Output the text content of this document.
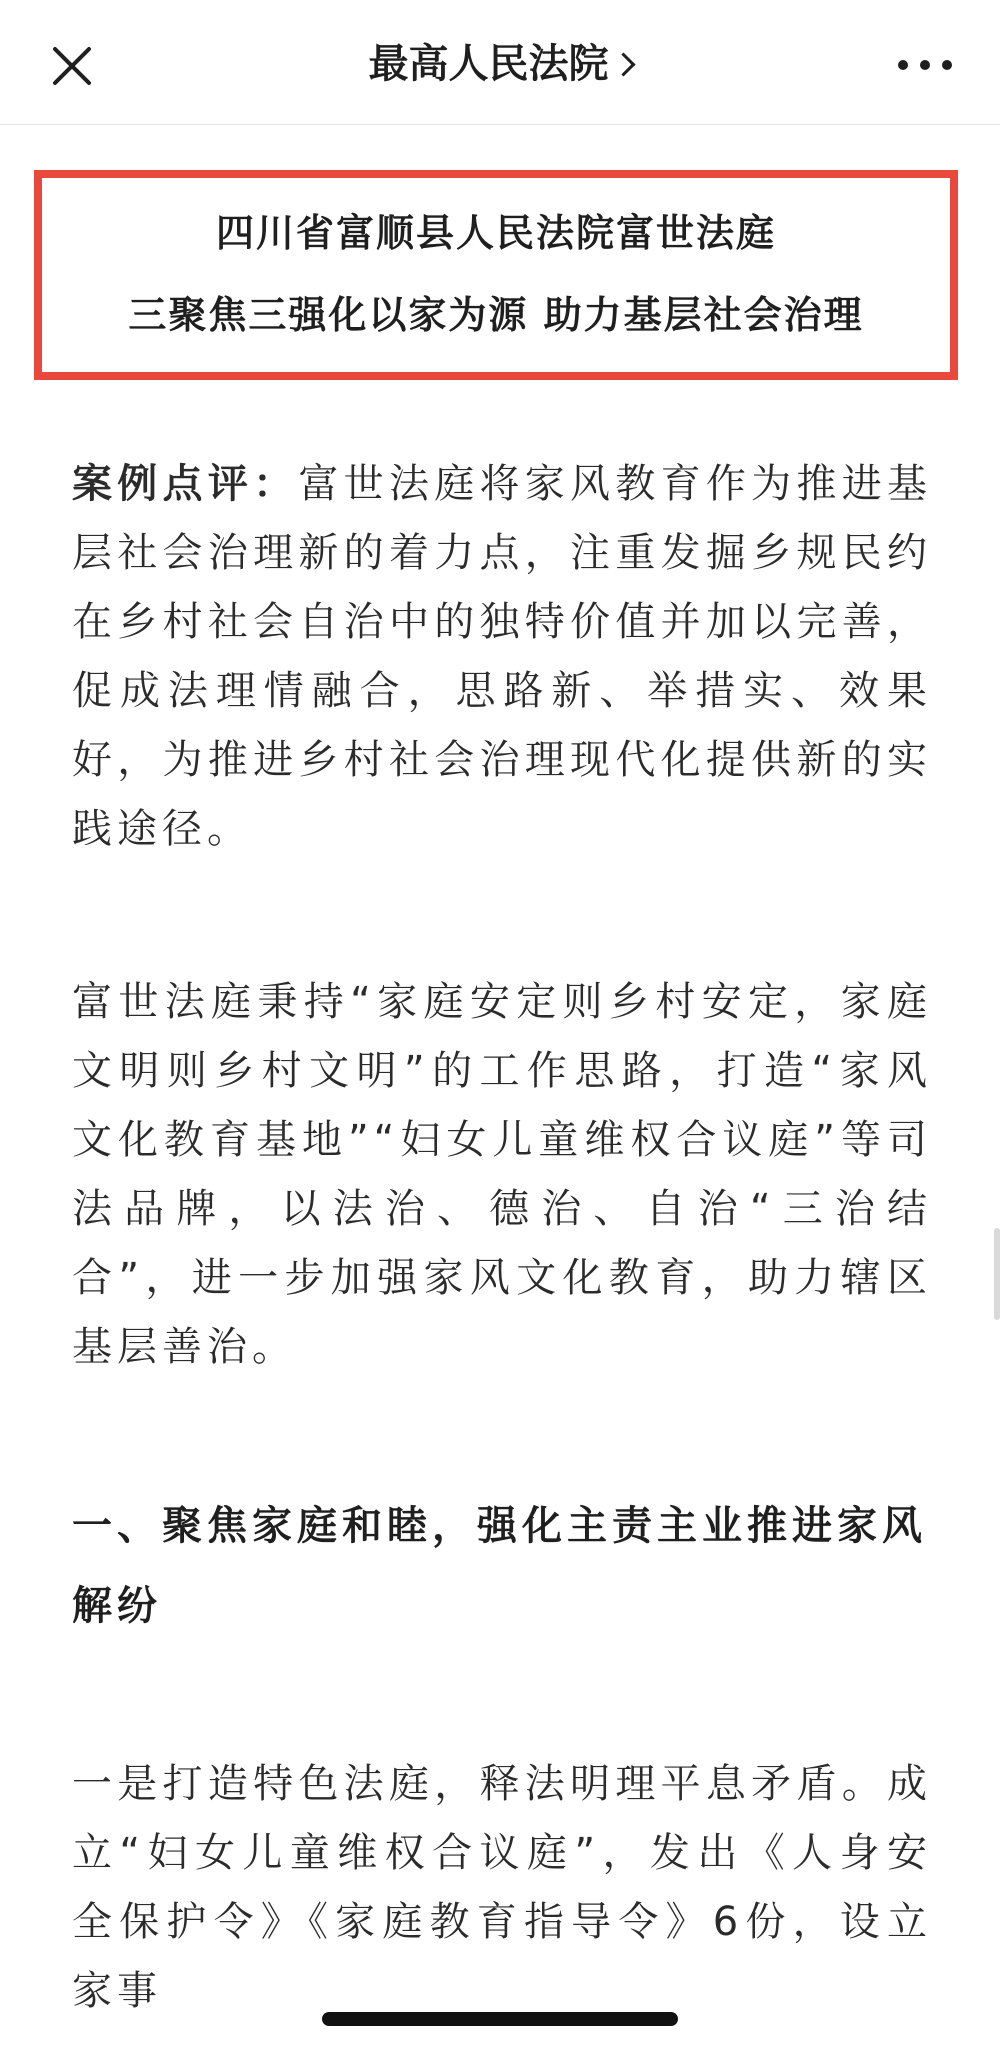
最高人民法院
四川省富顺县人民法院富世法庭
三聚焦三强化以家为源 助力基层社会治理

案例点评：富世法庭将家风教育作为推进基层社会治理新的着力点，注重发掘乡规民约在乡村社会自治中的独特价值并加以完善，促成法理情融合，思路新、举措实、效果好，为推进乡村社会治理现代化提供新的实践途径。

富世法庭秉持“家庭安定则乡村安定，家庭文明则乡村文明”的工作思路，打造“家风文化教育基地”“妇女儿童维权合议庭”等司法品牌，以法治、德治、自治“三治结合”，进一步加强家风文化教育，助力辖区基层善治。

一、聚焦家庭和睦，强化主责主业推进家风解纷

一是打造特色法庭，释法明理平息矛盾。成立“妇女儿童维权合议庭”，发出《人身安全保护令》《家庭教育指导令》6份，设立家事
